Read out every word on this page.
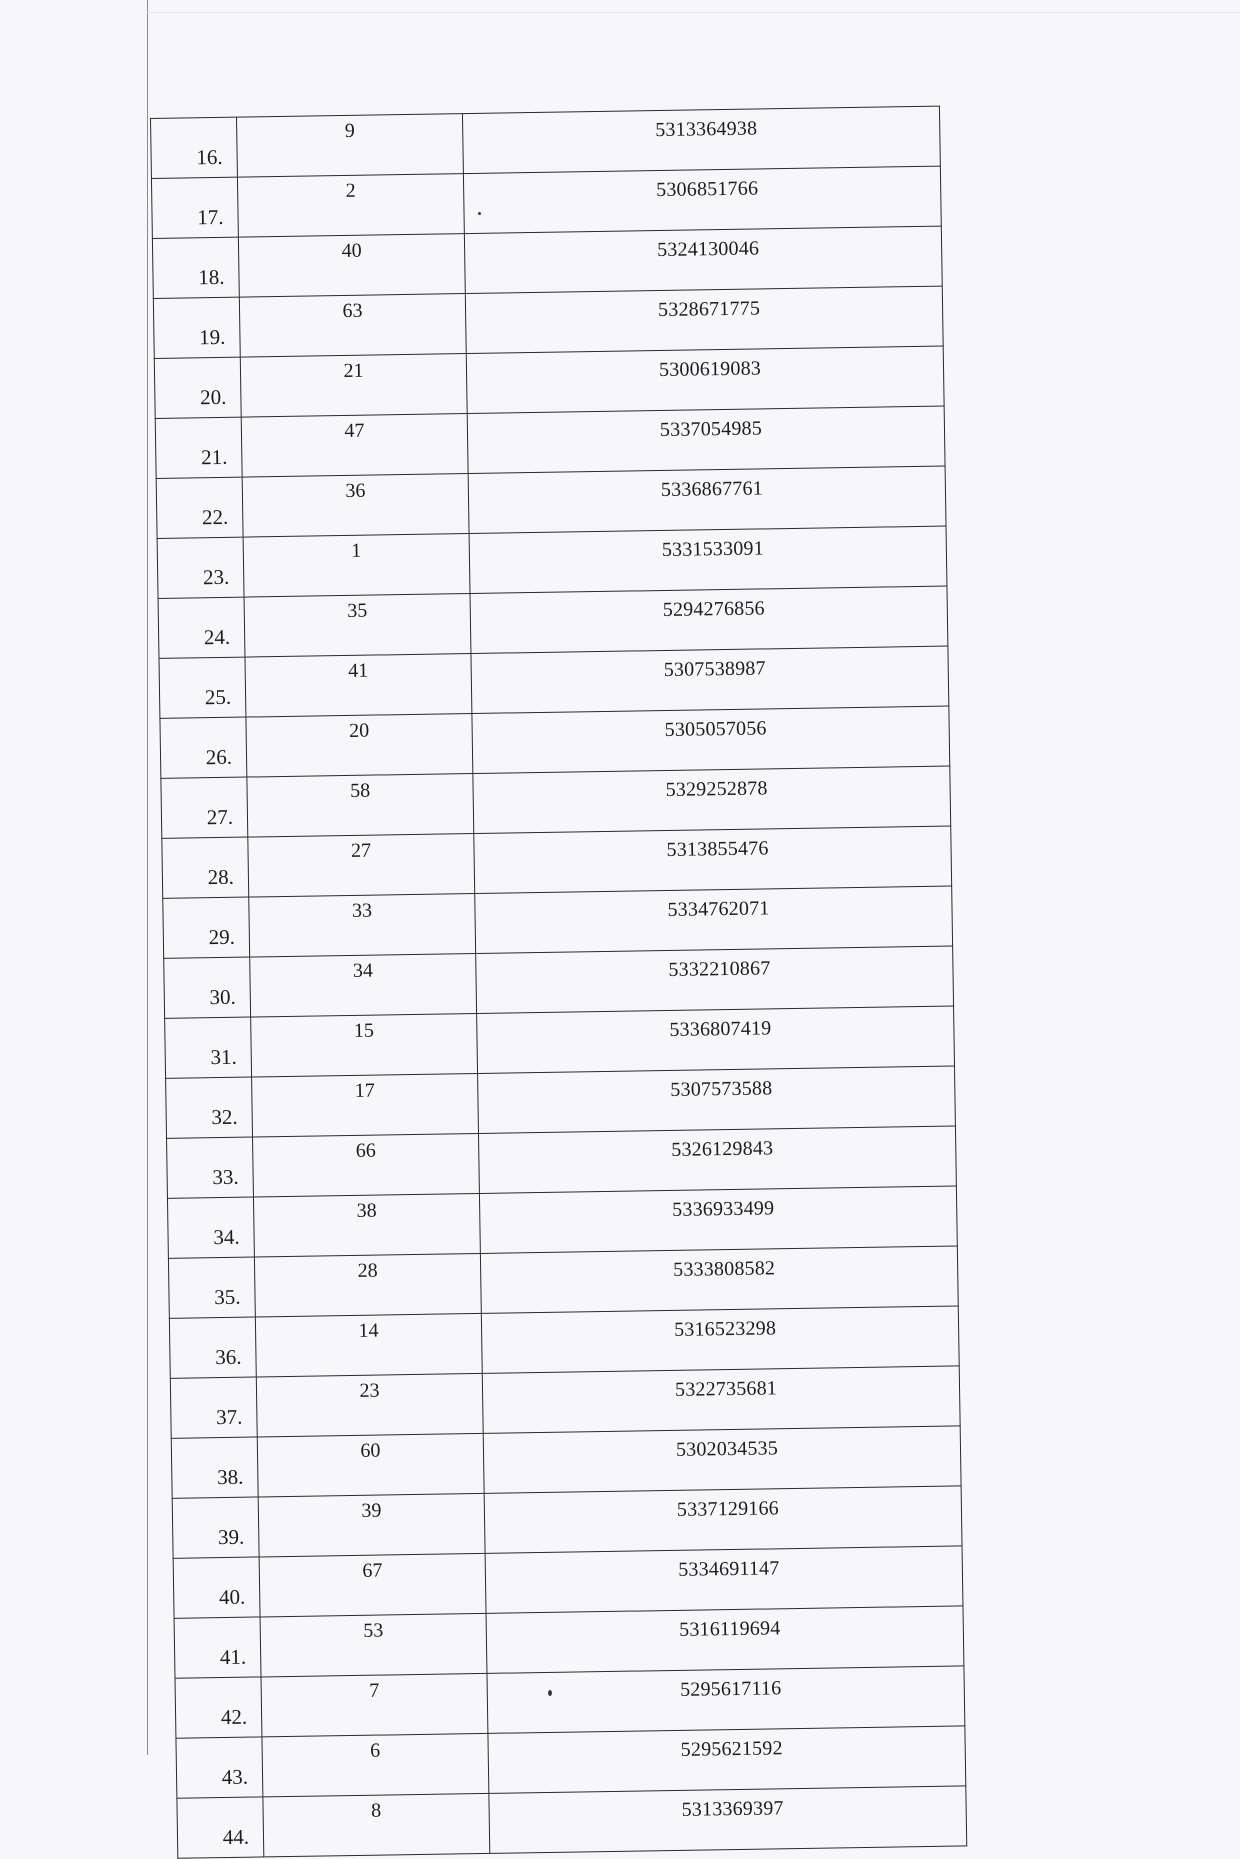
16.	9	5313364938
17.	2	5306851766
18.	40	5324130046
19.	63	5328671775
20.	21	5300619083
21.	47	5337054985
22.	36	5336867761
23.	1	5331533091
24.	35	5294276856
25.	41	5307538987
26.	20	5305057056
27.	58	5329252878
28.	27	5313855476
29.	33	5334762071
30.	34	5332210867
31.	15	5336807419
32.	17	5307573588
33.	66	5326129843
34.	38	5336933499
35.	28	5333808582
36.	14	5316523298
37.	23	5322735681
38.	60	5302034535
39.	39	5337129166
40.	67	5334691147
41.	53	5316119694
42.	7	5295617116
43.	6	5295621592
44.	8	5313369397
